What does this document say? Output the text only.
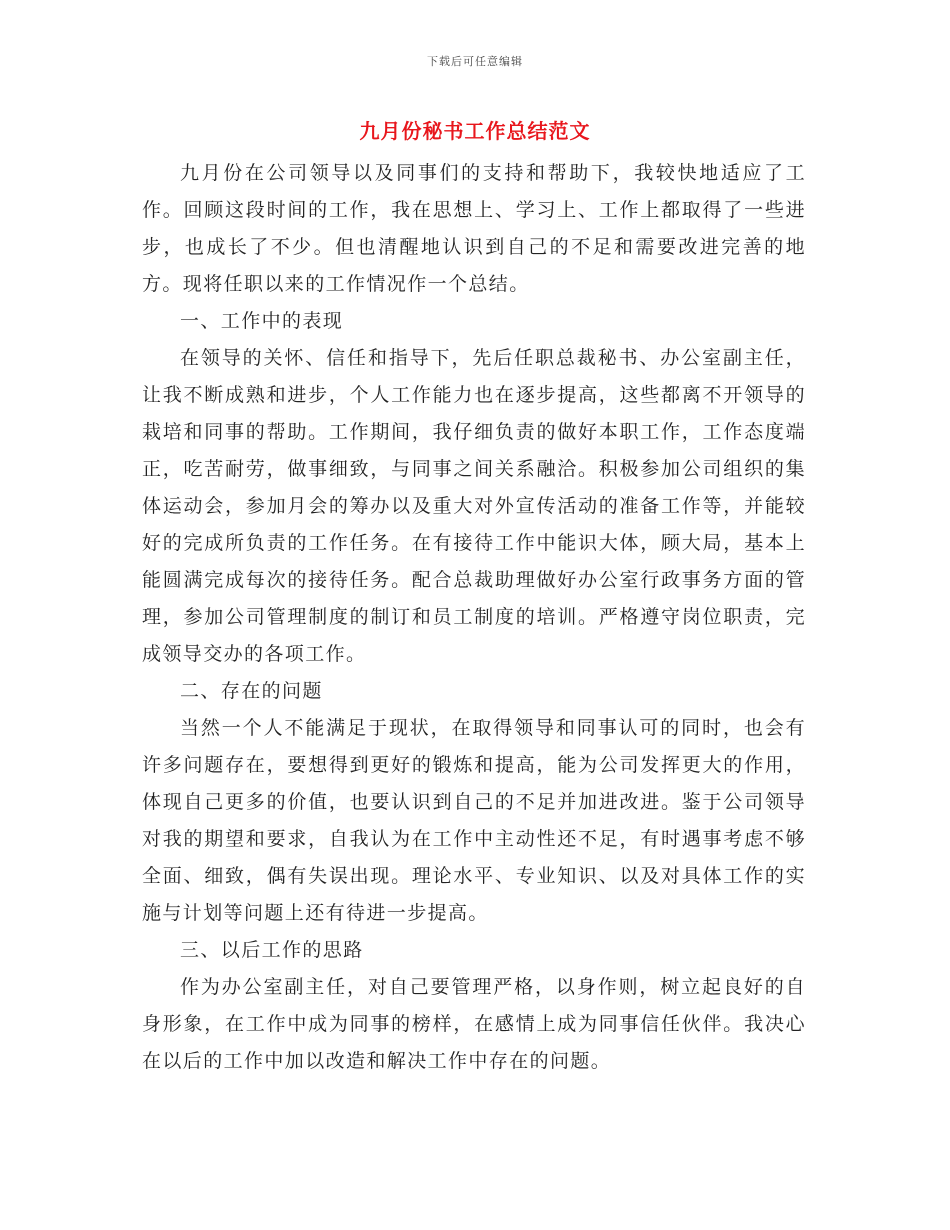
下载后可任意编辑
九月份秘书工作总结范文

九月份在公司领导以及同事们的支持和帮助下，我较快地适应了工作。回顾这段时间的工作，我在思想上、学习上、工作上都取得了一些进步，也成长了不少。但也清醒地认识到自己的不足和需要改进完善的地方。现将任职以来的工作情况作一个总结。

一、工作中的表现

在领导的关怀、信任和指导下，先后任职总裁秘书、办公室副主任，让我不断成熟和进步，个人工作能力也在逐步提高，这些都离不开领导的栽培和同事的帮助。工作期间，我仔细负责的做好本职工作，工作态度端正，吃苦耐劳，做事细致，与同事之间关系融洽。积极参加公司组织的集体运动会，参加月会的筹办以及重大对外宣传活动的准备工作等，并能较好的完成所负责的工作任务。在有接待工作中能识大体，顾大局，基本上能圆满完成每次的接待任务。配合总裁助理做好办公室行政事务方面的管理，参加公司管理制度的制订和员工制度的培训。严格遵守岗位职责，完成领导交办的各项工作。

二、存在的问题

当然一个人不能满足于现状，在取得领导和同事认可的同时，也会有许多问题存在，要想得到更好的锻炼和提高，能为公司发挥更大的作用，体现自己更多的价值，也要认识到自己的不足并加进改进。鉴于公司领导对我的期望和要求，自我认为在工作中主动性还不足，有时遇事考虑不够全面、细致，偶有失误出现。理论水平、专业知识、以及对具体工作的实施与计划等问题上还有待进一步提高。

三、以后工作的思路

作为办公室副主任，对自己要管理严格，以身作则，树立起良好的自身形象，在工作中成为同事的榜样，在感情上成为同事信任伙伴。我决心在以后的工作中加以改造和解决工作中存在的问题。
